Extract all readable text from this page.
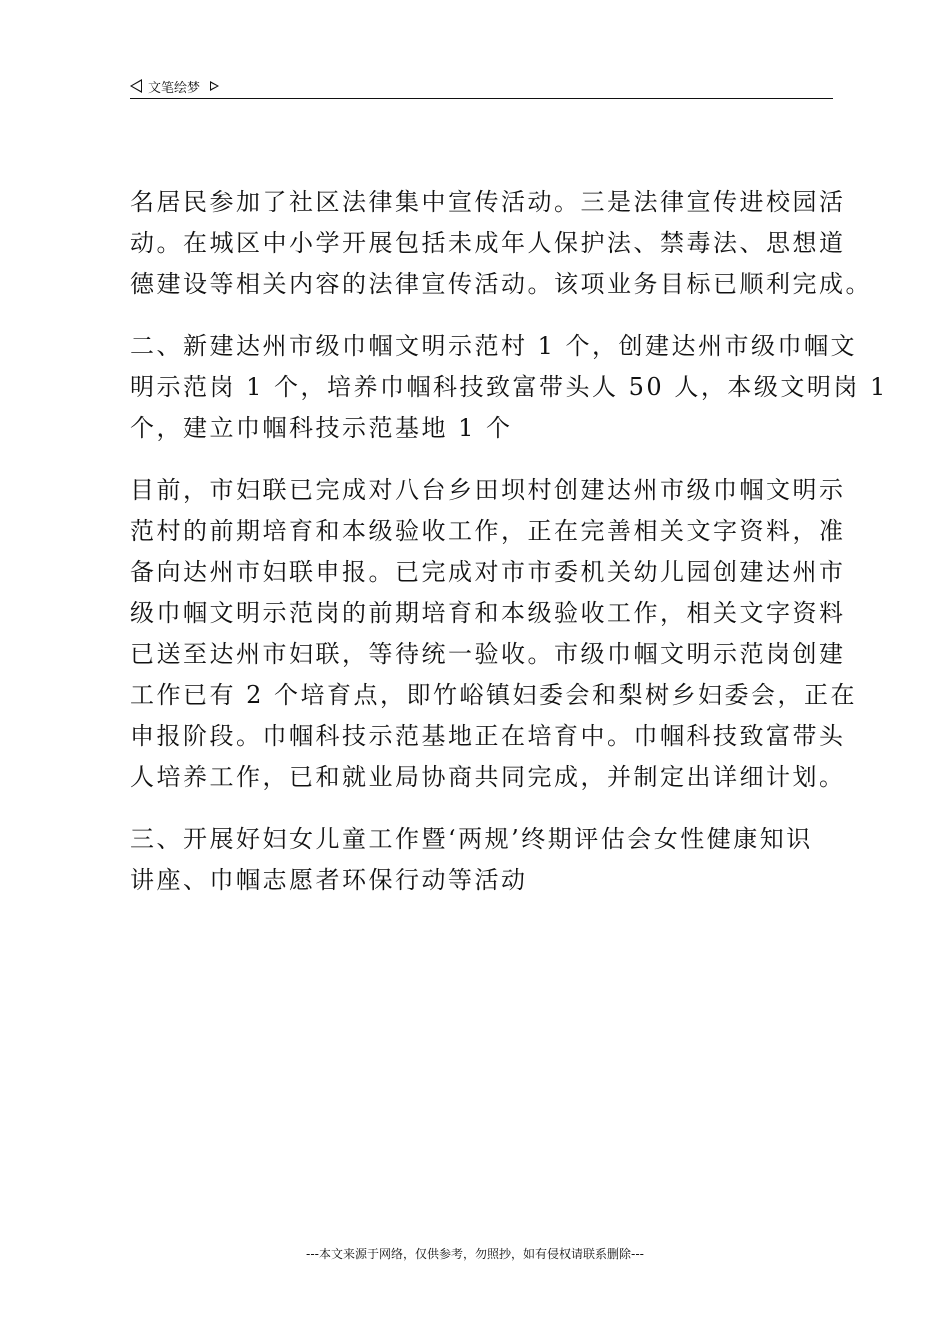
文笔绘梦

名居民参加了社区法律集中宣传活动。三是法律宣传进校园活

动。在城区中小学开展包括未成年人保护法、禁毒法、思想道

德建设等相关内容的法律宣传活动。该项业务目标已顺利完成。

二、新建达州市级巾帼文明示范村 1 个，创建达州市级巾帼文

明示范岗 1 个，培养巾帼科技致富带头人 50 人，本级文明岗 1

个，建立巾帼科技示范基地 1 个

目前，市妇联已完成对八台乡田坝村创建达州市级巾帼文明示

范村的前期培育和本级验收工作，正在完善相关文字资料，准

备向达州市妇联申报。已完成对市市委机关幼儿园创建达州市

级巾帼文明示范岗的前期培育和本级验收工作，相关文字资料

已送至达州市妇联，等待统一验收。市级巾帼文明示范岗创建

工作已有 2 个培育点，即竹峪镇妇委会和梨树乡妇委会，正在

申报阶段。巾帼科技示范基地正在培育中。巾帼科技致富带头

人培养工作，已和就业局协商共同完成，并制定出详细计划。

三、开展好妇女儿童工作暨‘两规’终期评估会女性健康知识

讲座、巾帼志愿者环保行动等活动

---本文来源于网络，仅供参考，勿照抄，如有侵权请联系删除---
